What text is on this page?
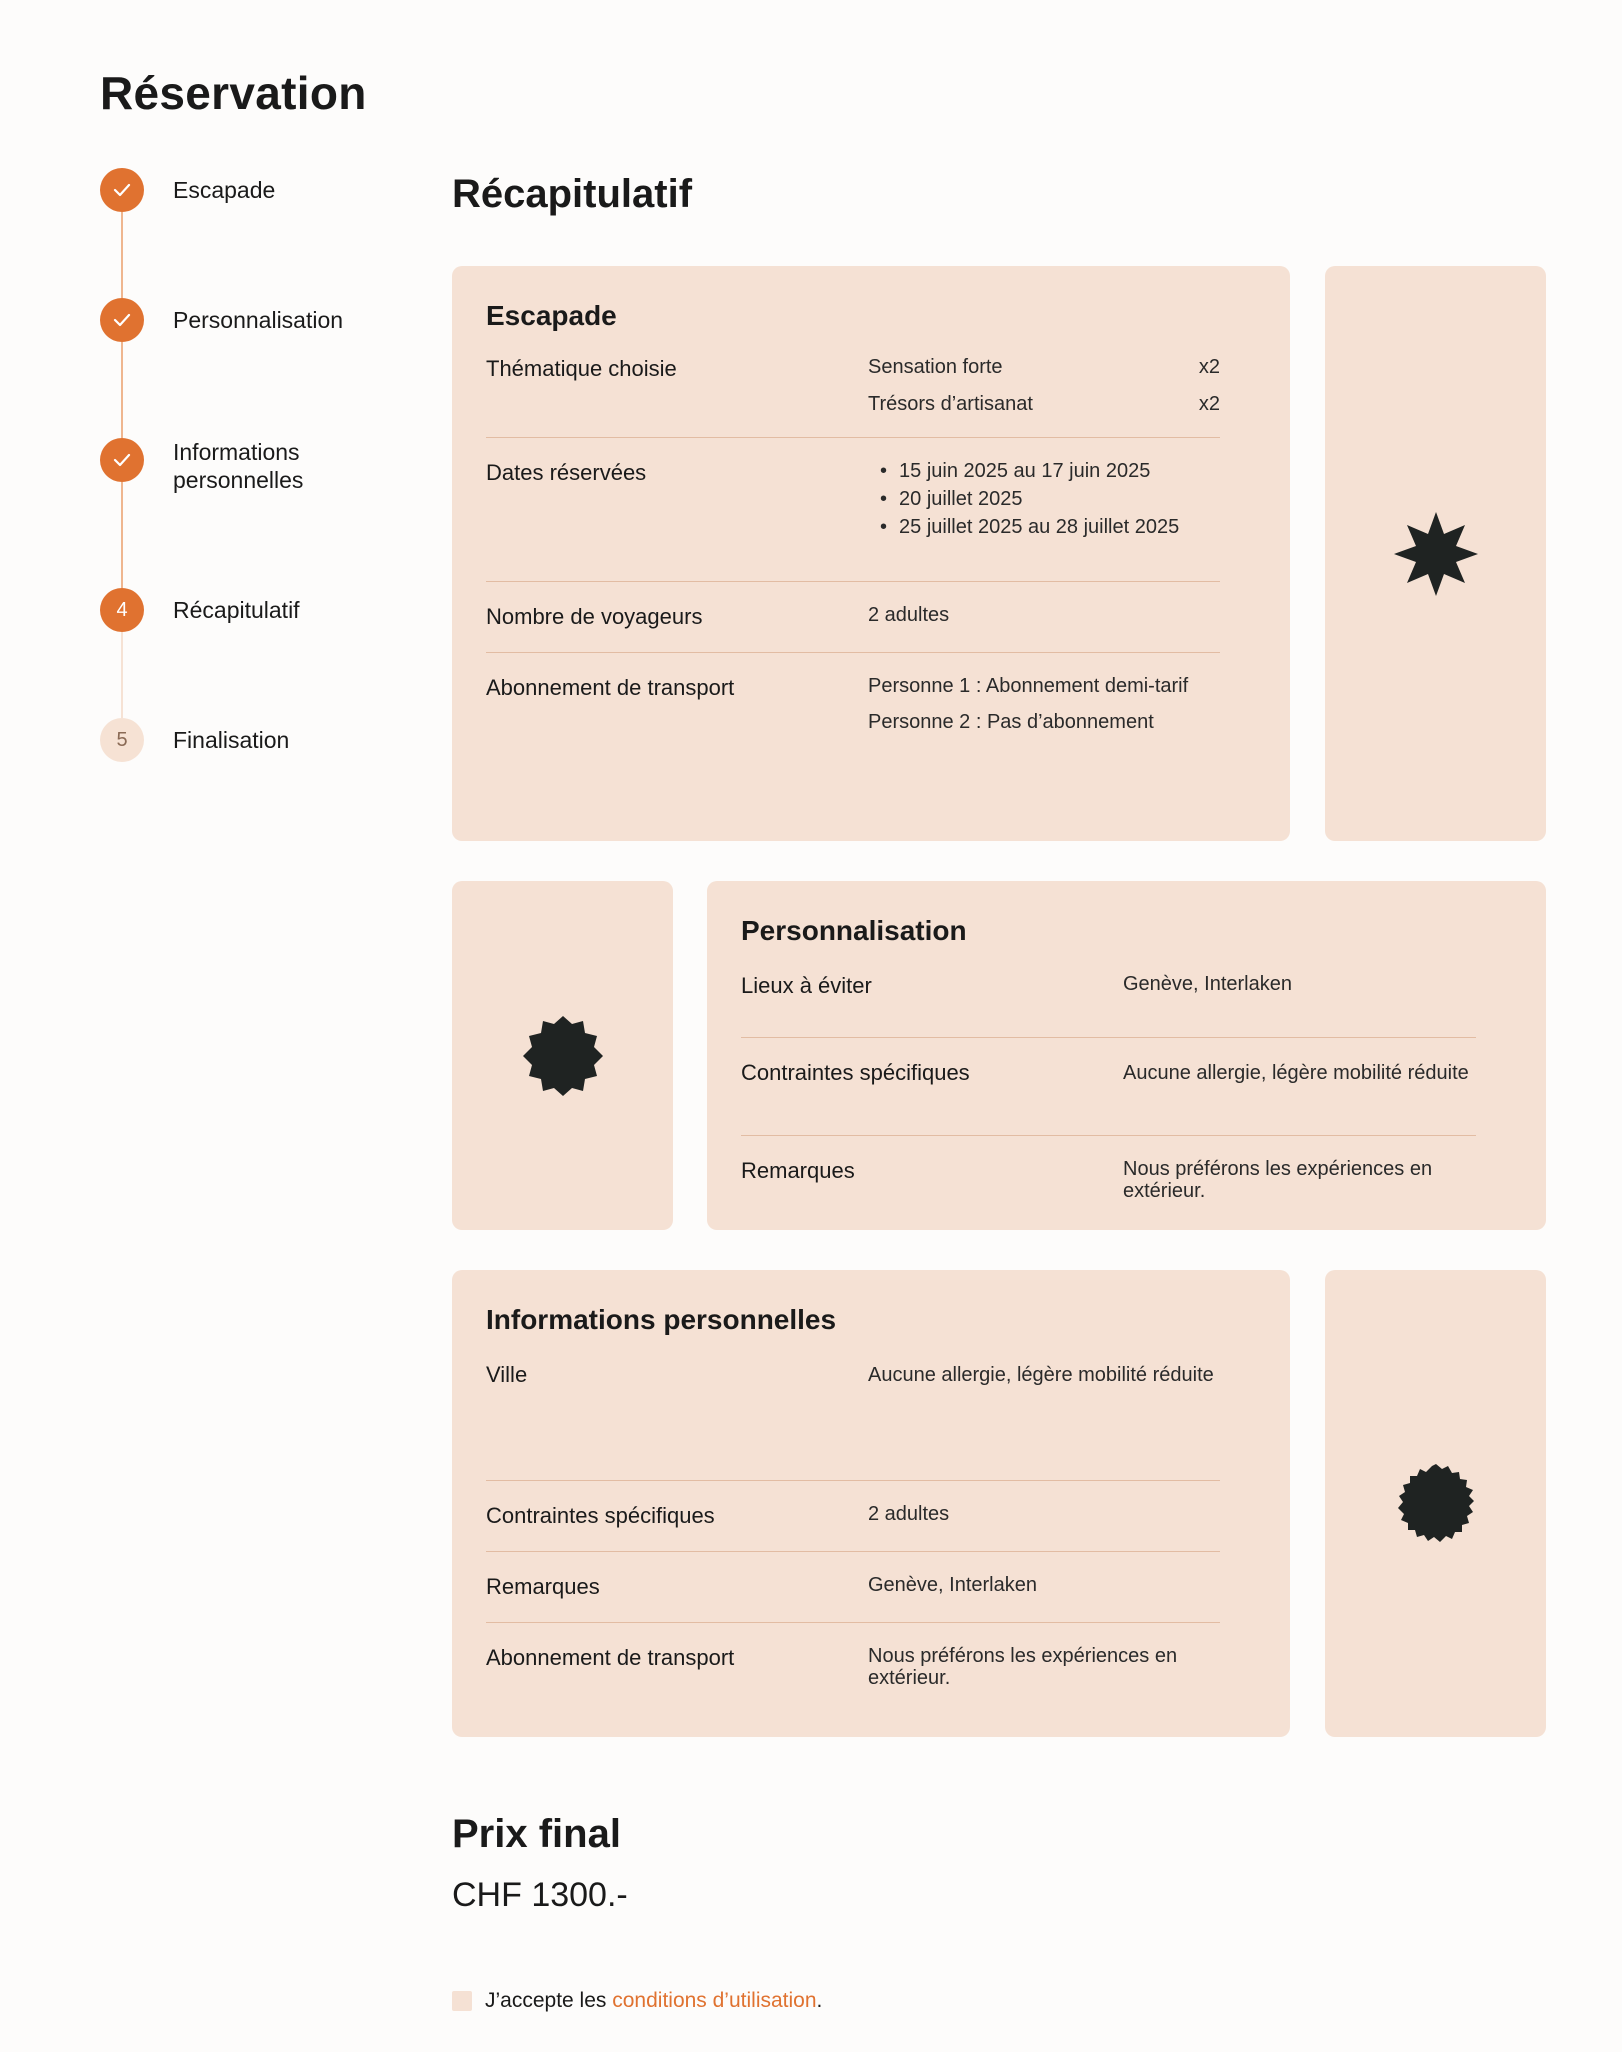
Réservation
Escapade
Personnalisation
Informations personnelles
4	Récapitulatif
5	Finalisation
Récapitulatif
Escapade
Thématique choisie	Sensation forte	x2
Trésors d’artisanat	x2
Dates réservées
•	15 juin 2025 au 17 juin 2025
• 20 juillet 2025
• 25 juillet 2025 au 28 juillet 2025
Nombre de voyageurs	2 adultes
Abonnement de transport	Personne 1 : Abonnement demi-tarif
Personne 2 : Pas d’abonnement
Personnalisation
Lieux à éviter	Genève, Interlaken
Contraintes spécifiques	Aucune allergie, légère mobilité réduite
Remarques	Nous préférons les expériences en extérieur.
Informations personnelles
Ville	Aucune allergie, légère mobilité réduite
Contraintes spécifiques	2 adultes
Remarques	Genève, Interlaken
Abonnement de transport	Nous préférons les expériences en extérieur.
Prix final
CHF 1300.-
J’accepte les conditions d’utilisation .
